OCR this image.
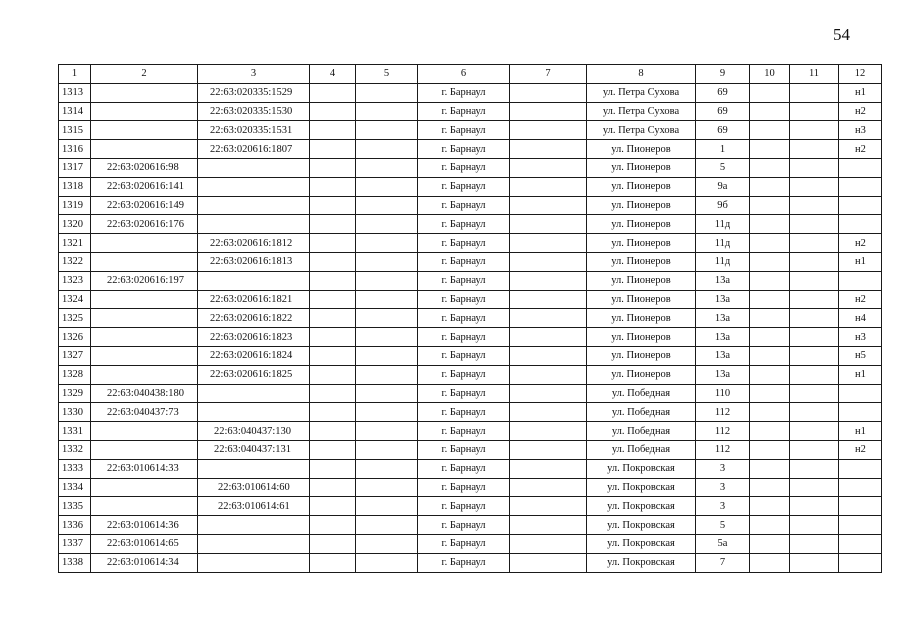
54
1	2	3	4	5	6	7	8	9	10	11	12
1313		22:63:020335:1529			г. Барнаул		ул. Петра Сухова	69			н1
1314		22:63:020335:1530			г. Барнаул		ул. Петра Сухова	69			н2
1315		22:63:020335:1531			г. Барнаул		ул. Петра Сухова	69			н3
1316		22:63:020616:1807			г. Барнаул		ул. Пионеров	1			н2
1317	22:63:020616:98				г. Барнаул		ул. Пионеров	5			
1318	22:63:020616:141				г. Барнаул		ул. Пионеров	9а			
1319	22:63:020616:149				г. Барнаул		ул. Пионеров	9б			
1320	22:63:020616:176				г. Барнаул		ул. Пионеров	11д			
1321		22:63:020616:1812			г. Барнаул		ул. Пионеров	11д			н2
1322		22:63:020616:1813			г. Барнаул		ул. Пионеров	11д			н1
1323	22:63:020616:197				г. Барнаул		ул. Пионеров	13а			
1324		22:63:020616:1821			г. Барнаул		ул. Пионеров	13а			н2
1325		22:63:020616:1822			г. Барнаул		ул. Пионеров	13а			н4
1326		22:63:020616:1823			г. Барнаул		ул. Пионеров	13а			н3
1327		22:63:020616:1824			г. Барнаул		ул. Пионеров	13а			н5
1328		22:63:020616:1825			г. Барнаул		ул. Пионеров	13а			н1
1329	22:63:040438:180				г. Барнаул		ул. Победная	110			
1330	22:63:040437:73				г. Барнаул		ул. Победная	112			
1331		22:63:040437:130			г. Барнаул		ул. Победная	112			н1
1332		22:63:040437:131			г. Барнаул		ул. Победная	112			н2
1333	22:63:010614:33				г. Барнаул		ул. Покровская	3			
1334		22:63:010614:60			г. Барнаул		ул. Покровская	3			
1335		22:63:010614:61			г. Барнаул		ул. Покровская	3			
1336	22:63:010614:36				г. Барнаул		ул. Покровская	5			
1337	22:63:010614:65				г. Барнаул		ул. Покровская	5а			
1338	22:63:010614:34				г. Барнаул		ул. Покровская	7			
